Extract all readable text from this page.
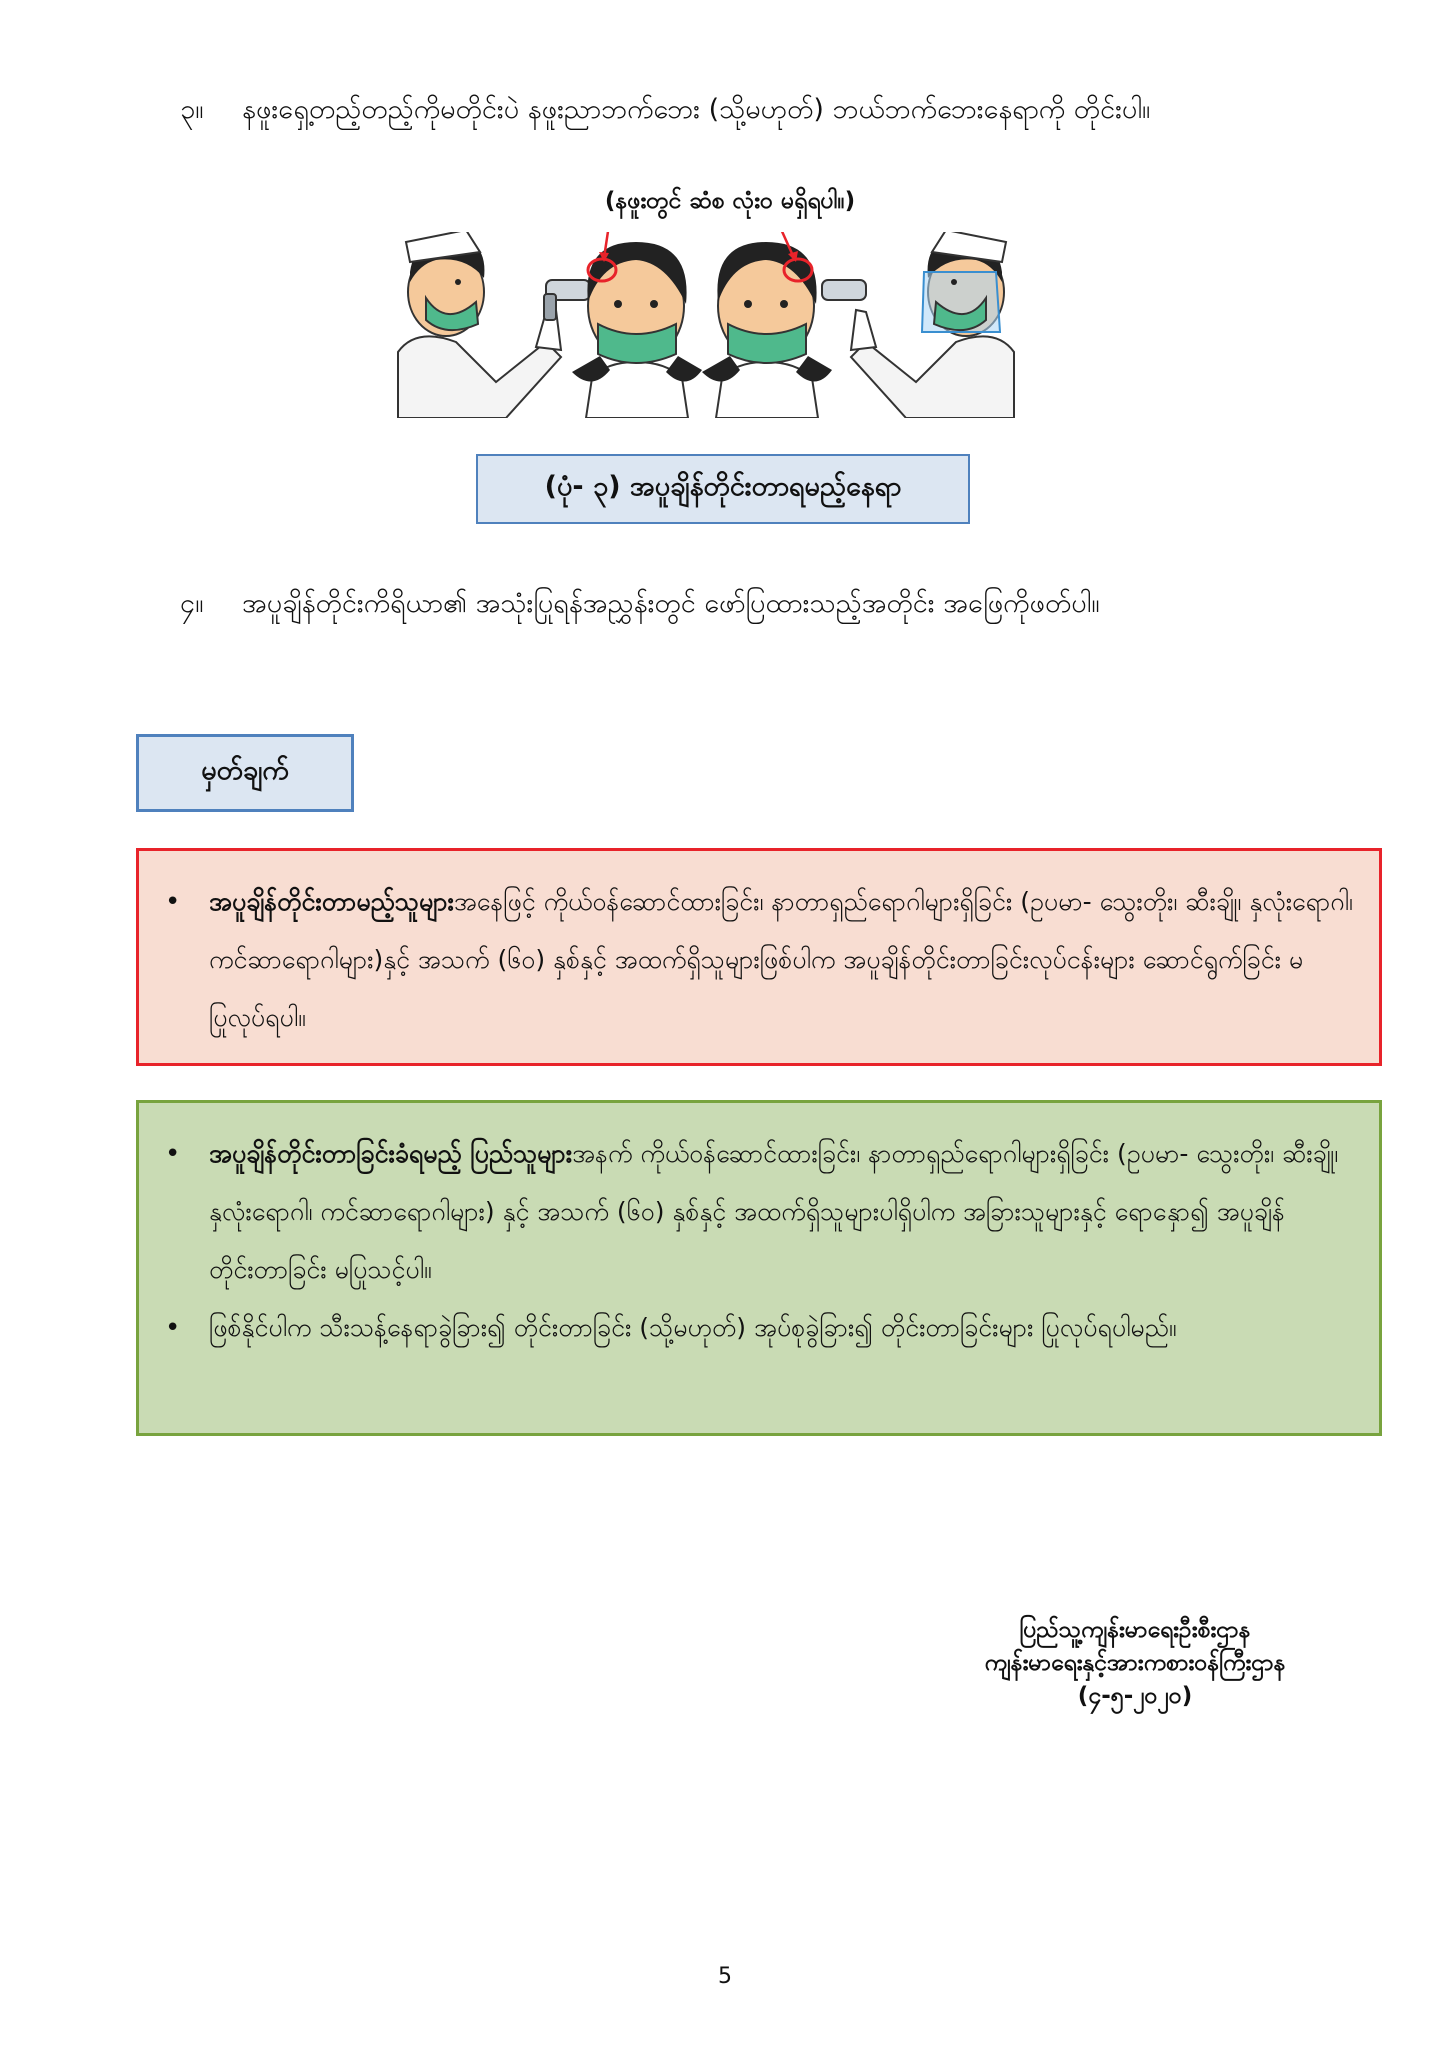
၃။ နဖူးရှေ့တည့်တည့်ကိုမတိုင်းပဲ နဖူးညာဘက်ဘေး (သို့မဟုတ်) ဘယ်ဘက်ဘေးနေရာကို တိုင်းပါ။
(နဖူးတွင် ဆံစ လုံးဝ မရှိရပါ။)
(ပုံ- ၃) အပူချိန်တိုင်းတာရမည့်နေရာ
၄။ အပူချိန်တိုင်းကိရိယာ၏ အသုံးပြုရန်အညွှန်းတွင် ဖော်ပြထားသည့်အတိုင်း အဖြေကိုဖတ်ပါ။
မှတ်ချက်
•	အပူချိန်တိုင်းတာမည့်သူများအနေဖြင့် ကိုယ်ဝန်ဆောင်ထားခြင်း၊ နာတာရှည်ရောဂါများရှိခြင်း (ဥပမာ- သွေးတိုး၊ ဆီးချို၊ နှလုံးရောဂါ၊ ကင်ဆာရောဂါများ)နှင့် အသက် (၆၀) နှစ်နှင့် အထက်ရှိသူများဖြစ်ပါက အပူချိန်တိုင်းတာခြင်းလုပ်ငန်းများ ဆောင်ရွက်ခြင်း မပြုလုပ်ရပါ။
•	အပူချိန်တိုင်းတာခြင်းခံရမည့် ပြည်သူများအနက် ကိုယ်ဝန်ဆောင်ထားခြင်း၊ နာတာရှည်ရောဂါများရှိခြင်း (ဥပမာ- သွေးတိုး၊ ဆီးချို၊ နှလုံးရောဂါ၊ ကင်ဆာရောဂါများ) နှင့် အသက် (၆၀) နှစ်နှင့် အထက်ရှိသူများပါရှိပါက အခြားသူများနှင့် ရောနှော၍ အပူချိန်တိုင်းတာခြင်း မပြုသင့်ပါ။
•	ဖြစ်နိုင်ပါက သီးသန့်နေရာခွဲခြား၍ တိုင်းတာခြင်း (သို့မဟုတ်) အုပ်စုခွဲခြား၍ တိုင်းတာခြင်းများ ပြုလုပ်ရပါမည်။
ပြည်သူ့ကျန်းမာရေးဦးစီးဌာန
ကျန်းမာရေးနှင့်အားကစားဝန်ကြီးဌာန
(၄-၅-၂၀၂၀)
5
